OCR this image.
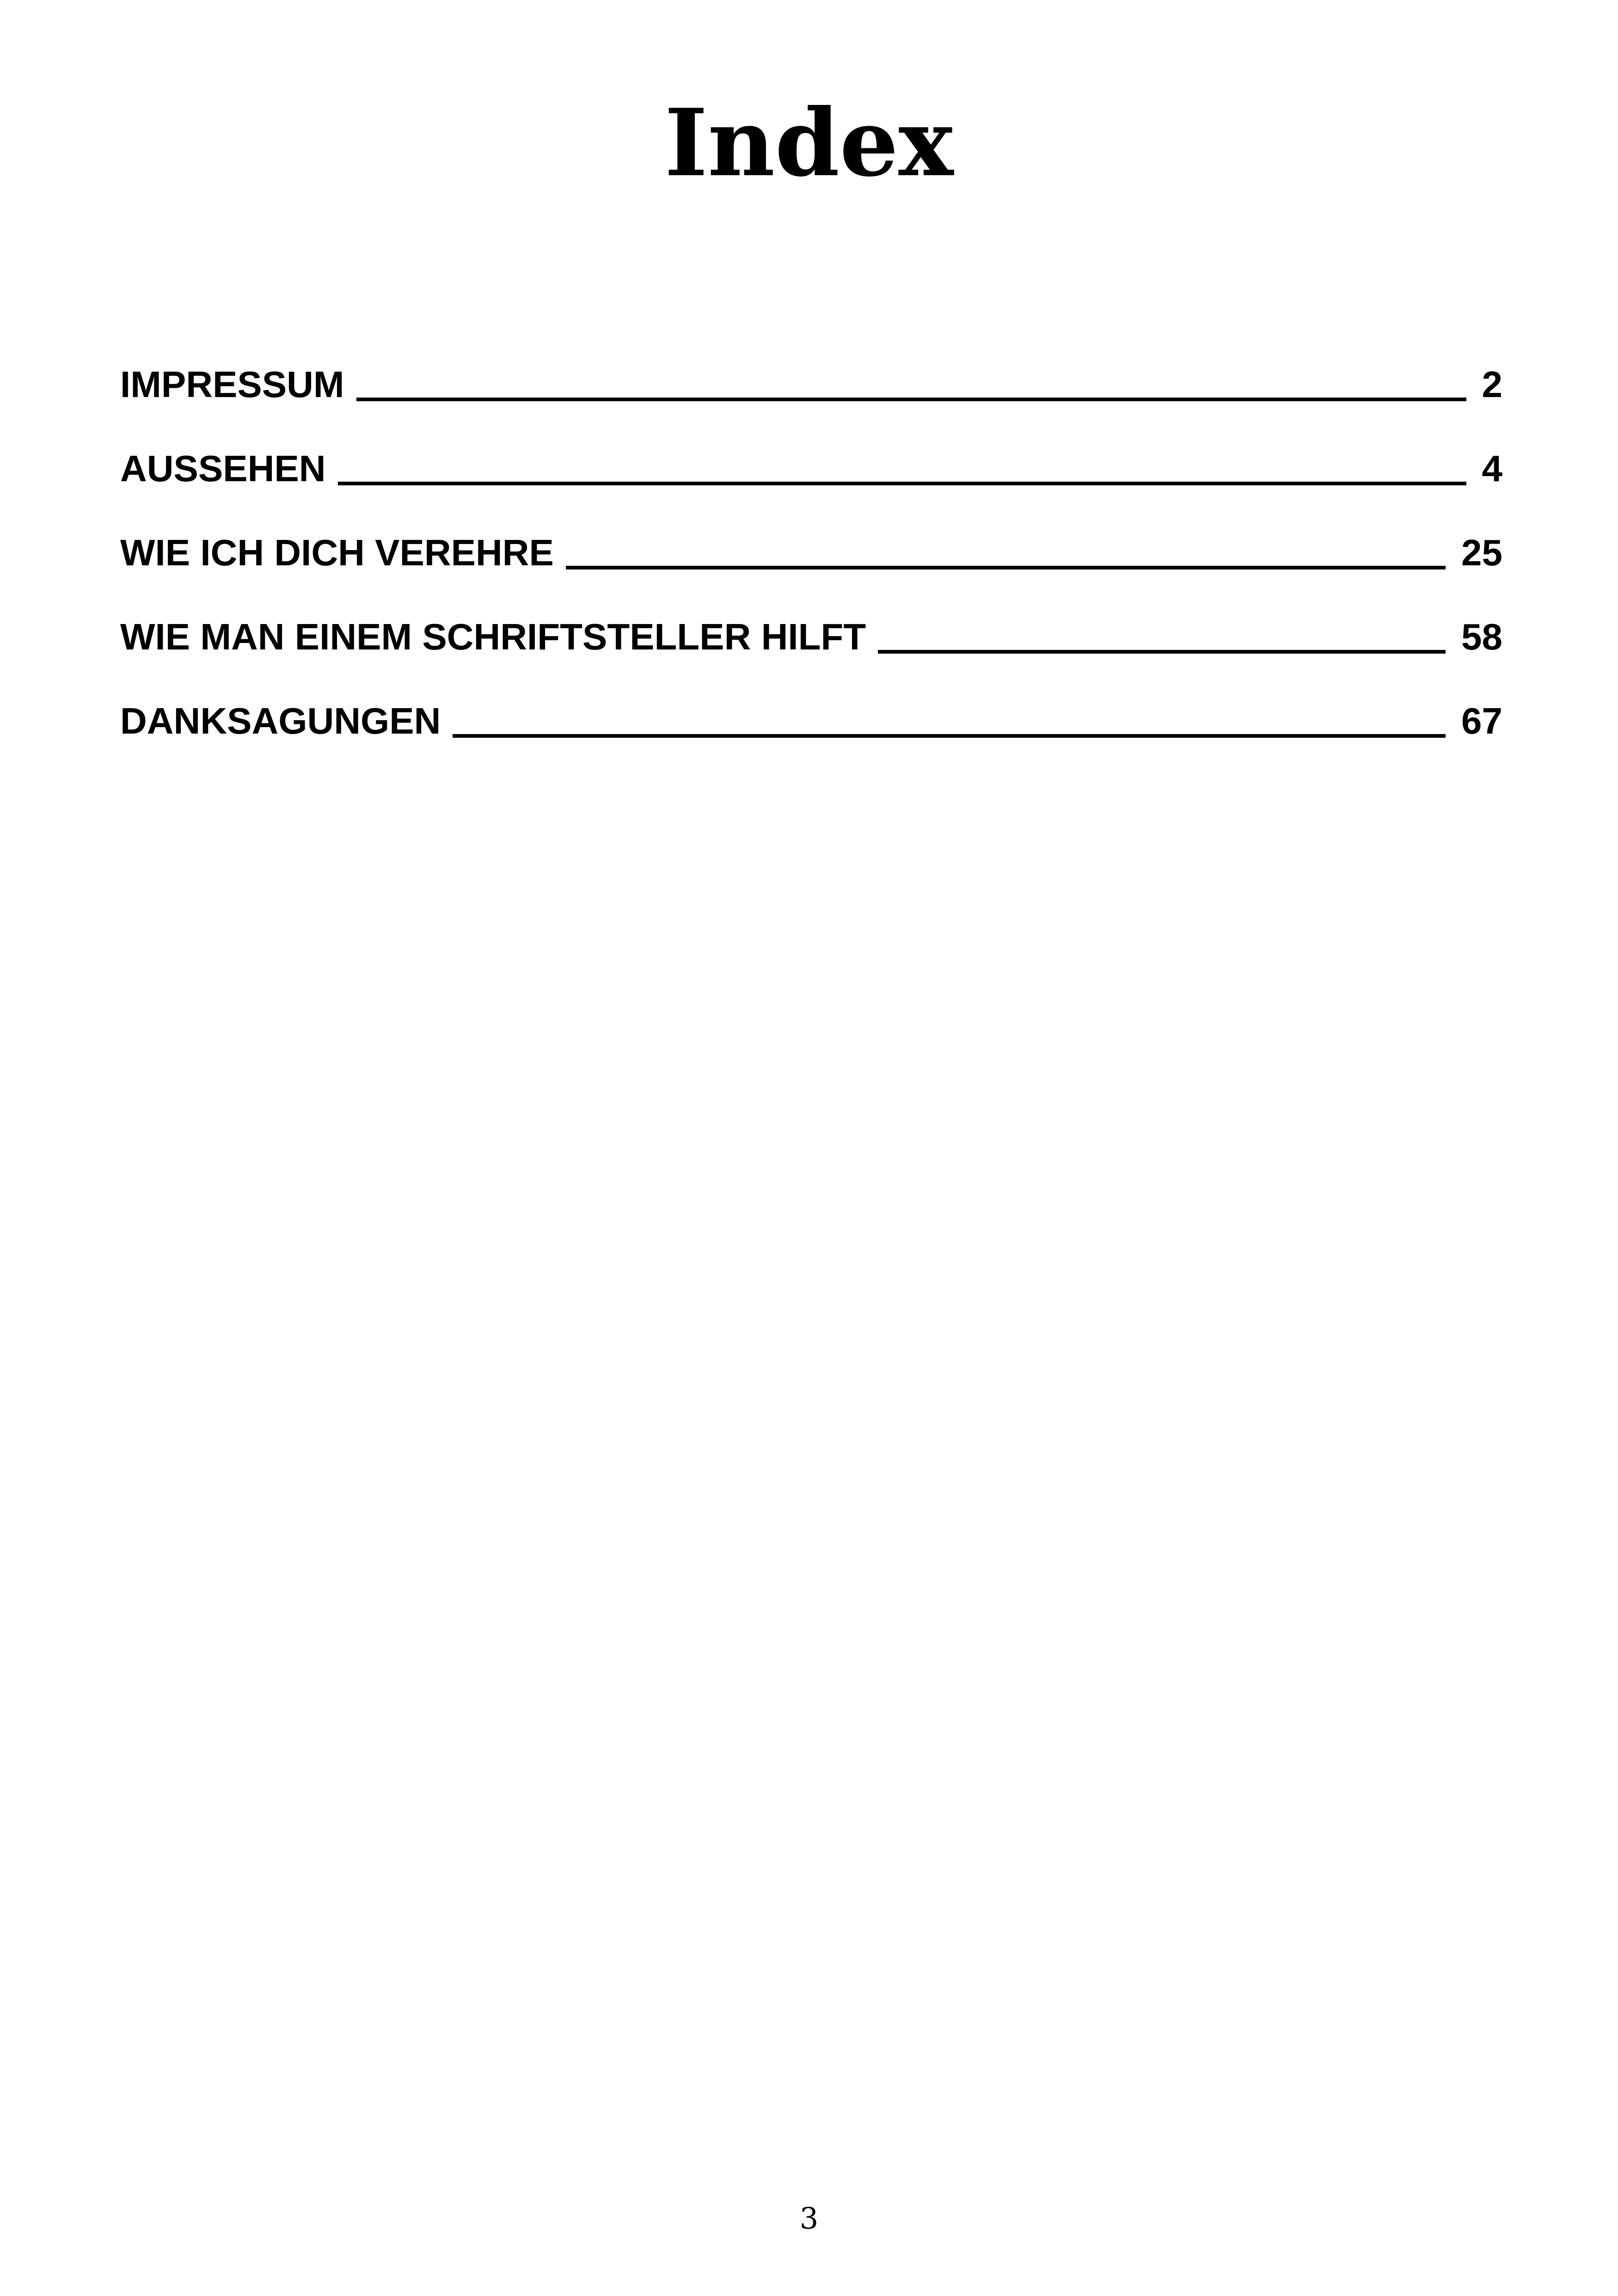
Index
IMPRESSUM	2
AUSSEHEN	4
WIE ICH DICH VEREHRE	25
WIE MAN EINEM SCHRIFTSTELLER HILFT	58
DANKSAGUNGEN	67
3
